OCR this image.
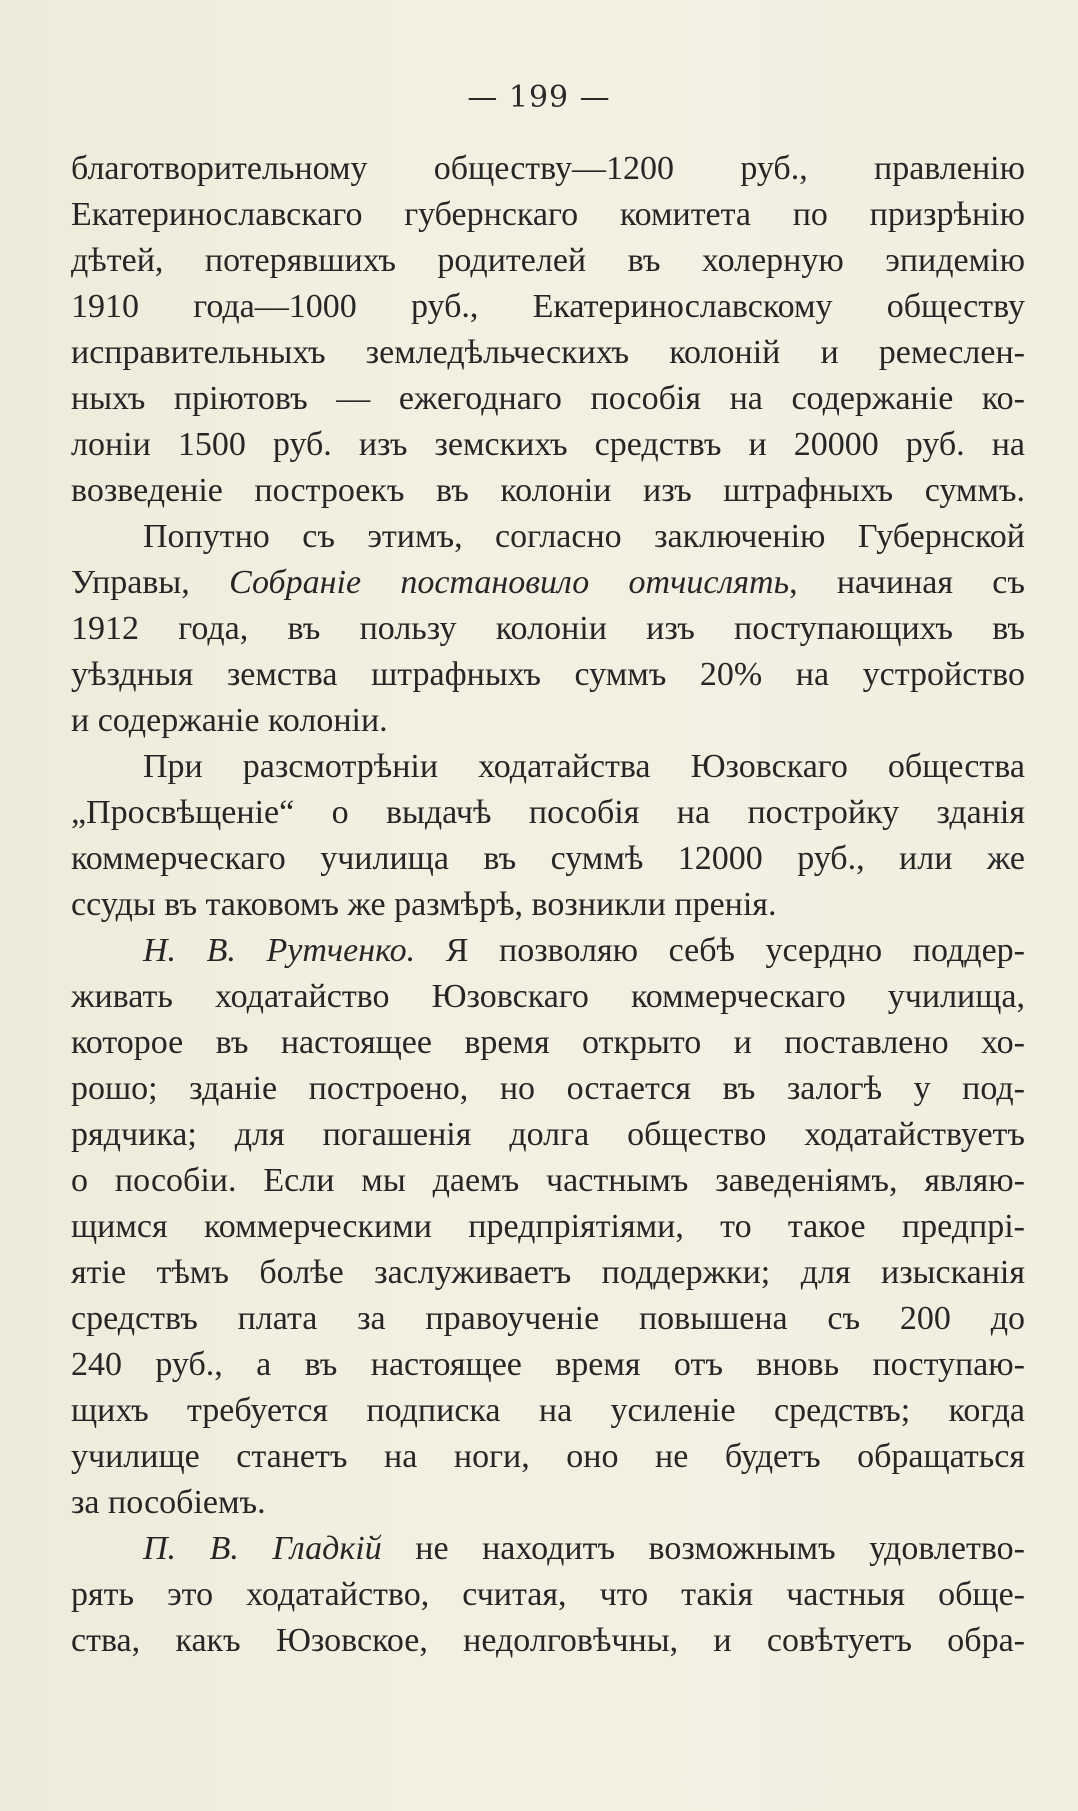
— 199 —
благотворительному обществу—1200 руб., правленію
Екатеринославскаго губернскаго комитета по призрѣнію
дѣтей, потерявшихъ родителей въ холерную эпидемію
1910 года—1000 руб., Екатеринославскому обществу
исправительныхъ земледѣльческихъ колоній и ремеслен-
ныхъ пріютовъ — ежегоднаго пособія на содержаніе ко-
лоніи 1500 руб. изъ земскихъ средствъ и 20000 руб. на
возведеніе построекъ въ колоніи изъ штрафныхъ суммъ.
Попутно съ этимъ, согласно заключенію Губернской
Управы, Собраніе постановило отчислять, начиная съ
1912 года, въ пользу колоніи изъ поступающихъ въ
уѣздныя земства штрафныхъ суммъ 20% на устройство
и содержаніе колоніи.
При разсмотрѣніи ходатайства Юзовскаго общества
„Просвѣщеніе“ о выдачѣ пособія на постройку зданія
коммерческаго училища въ суммѣ 12000 руб., или же
ссуды въ таковомъ же размѣрѣ, возникли пренія.
Н. В. Рутченко. Я позволяю себѣ усердно поддер-
живать ходатайство Юзовскаго коммерческаго училища,
которое въ настоящее время открыто и поставлено хо-
рошо; зданіе построено, но остается въ залогѣ у под-
рядчика; для погашенія долга общество ходатайствуетъ
о пособіи. Если мы даемъ частнымъ заведеніямъ, являю-
щимся коммерческими предпріятіями, то такое предпрі-
ятіе тѣмъ болѣе заслуживаетъ поддержки; для изысканія
средствъ плата за правоученіе повышена съ 200 до
240 руб., а въ настоящее время отъ вновь поступаю-
щихъ требуется подписка на усиленіе средствъ; когда
училище станетъ на ноги, оно не будетъ обращаться
за пособіемъ.
П. В. Гладкій не находитъ возможнымъ удовлетво-
рять это ходатайство, считая, что такія частныя обще-
ства, какъ Юзовское, недолговѣчны, и совѣтуетъ обра-
